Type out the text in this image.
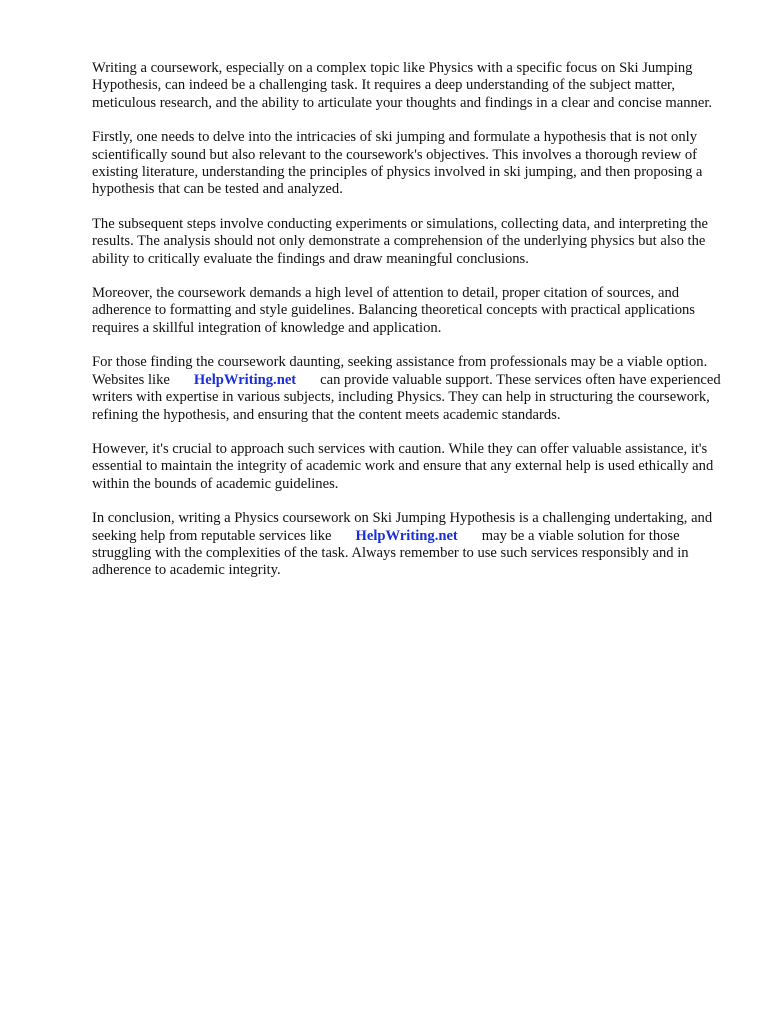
Writing a coursework, especially on a complex topic like Physics with a specific focus on Ski Jumping Hypothesis, can indeed be a challenging task. It requires a deep understanding of the subject matter, meticulous research, and the ability to articulate your thoughts and findings in a clear and concise manner.

Firstly, one needs to delve into the intricacies of ski jumping and formulate a hypothesis that is not only scientifically sound but also relevant to the coursework's objectives. This involves a thorough review of existing literature, understanding the principles of physics involved in ski jumping, and then proposing a hypothesis that can be tested and analyzed.

The subsequent steps involve conducting experiments or simulations, collecting data, and interpreting the results. The analysis should not only demonstrate a comprehension of the underlying physics but also the ability to critically evaluate the findings and draw meaningful conclusions.

Moreover, the coursework demands a high level of attention to detail, proper citation of sources, and adherence to formatting and style guidelines. Balancing theoretical concepts with practical applications requires a skillful integration of knowledge and application.

For those finding the coursework daunting, seeking assistance from professionals may be a viable option. Websites like HelpWriting.net can provide valuable support. These services often have experienced writers with expertise in various subjects, including Physics. They can help in structuring the coursework, refining the hypothesis, and ensuring that the content meets academic standards.

However, it's crucial to approach such services with caution. While they can offer valuable assistance, it's essential to maintain the integrity of academic work and ensure that any external help is used ethically and within the bounds of academic guidelines.

In conclusion, writing a Physics coursework on Ski Jumping Hypothesis is a challenging undertaking, and seeking help from reputable services like HelpWriting.net may be a viable solution for those struggling with the complexities of the task. Always remember to use such services responsibly and in adherence to academic integrity.
